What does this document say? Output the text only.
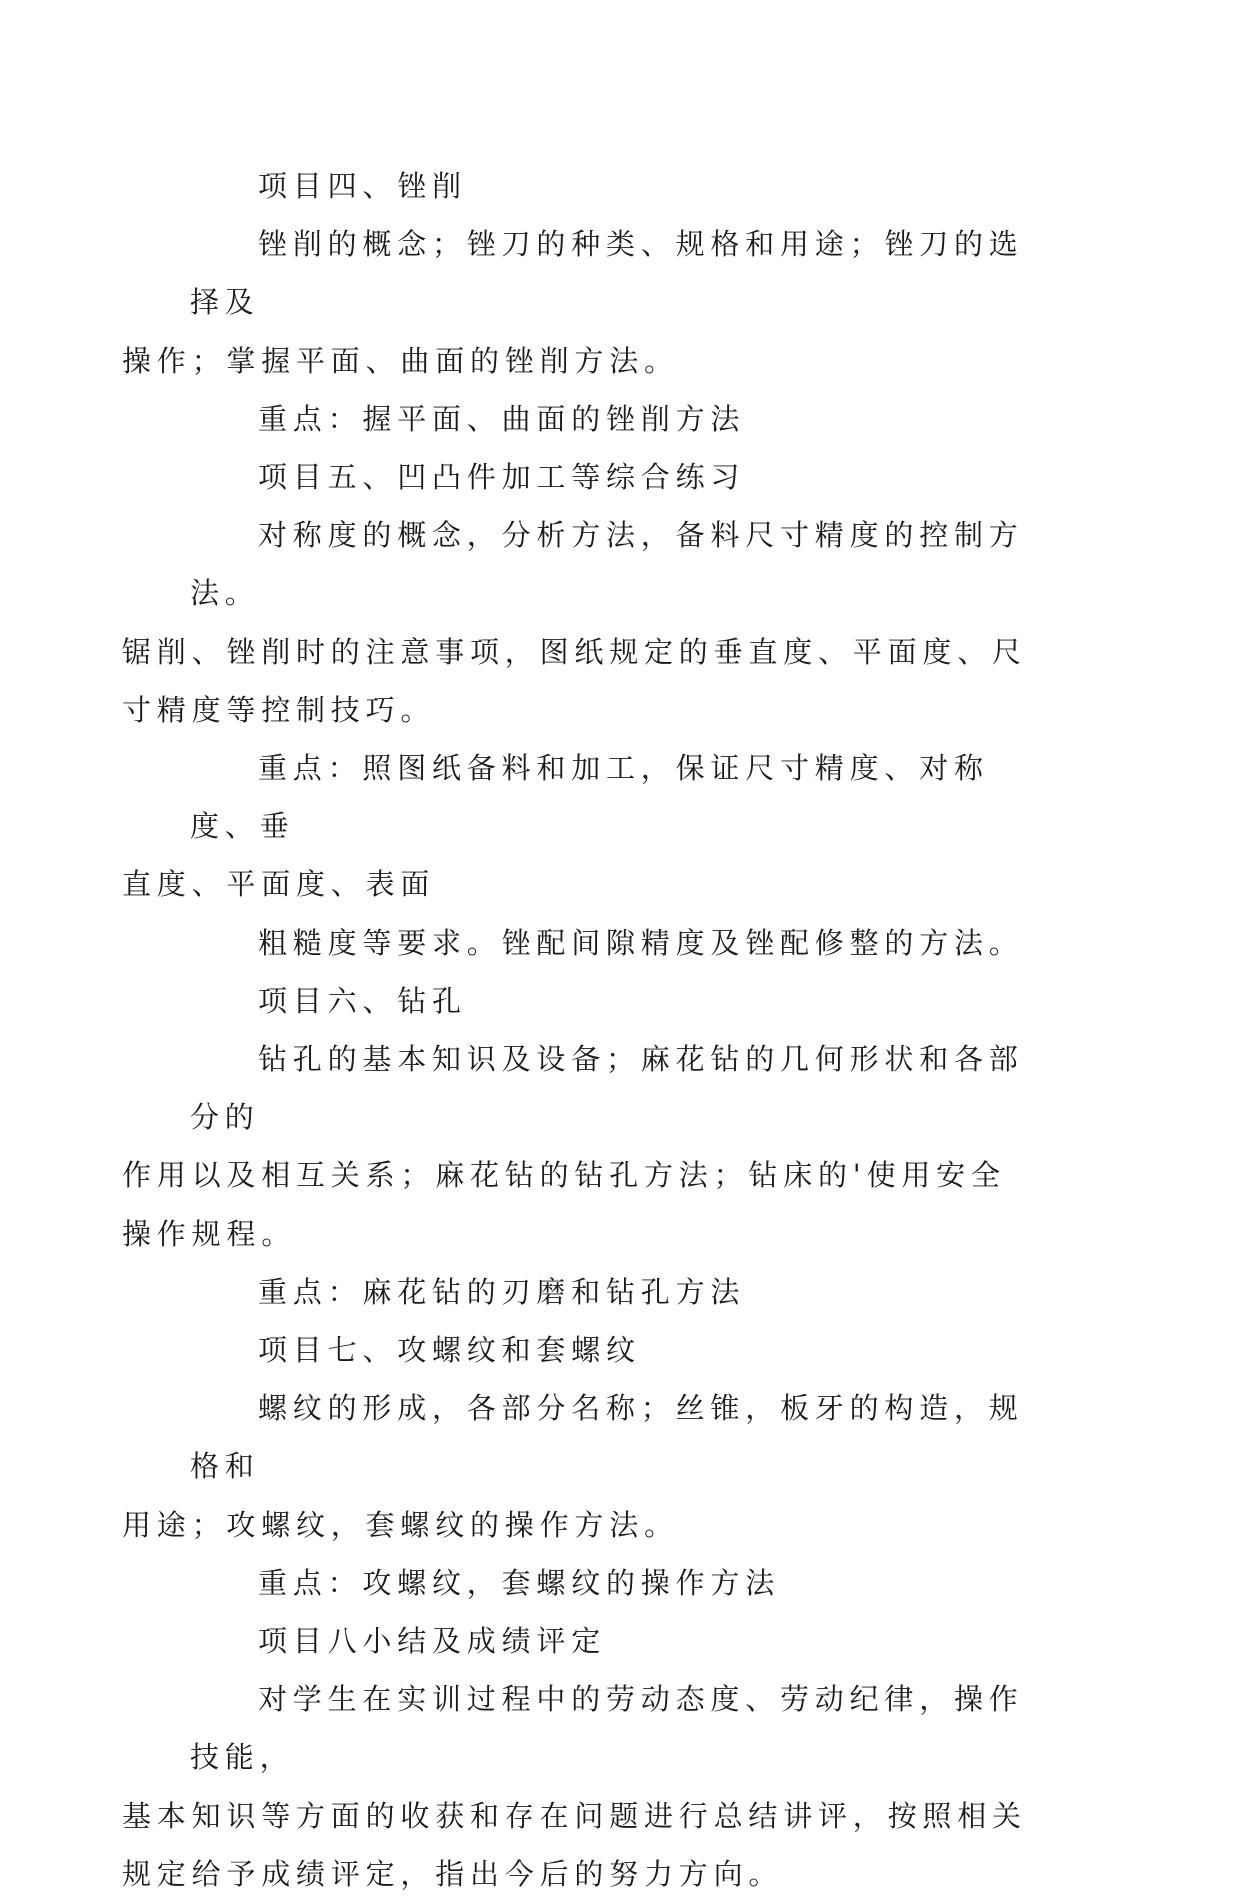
项目四、锉削

锉削的概念；锉刀的种类、规格和用途；锉刀的选择及
操作；掌握平面、曲面的锉削方法。

重点：握平面、曲面的锉削方法

项目五、凹凸件加工等综合练习

对称度的概念，分析方法，备料尺寸精度的控制方法。
锯削、锉削时的注意事项，图纸规定的垂直度、平面度、尺
寸精度等控制技巧。

重点：照图纸备料和加工，保证尺寸精度、对称度、垂
直度、平面度、表面

粗糙度等要求。锉配间隙精度及锉配修整的方法。

项目六、钻孔

钻孔的基本知识及设备；麻花钻的几何形状和各部分的
作用以及相互关系；麻花钻的钻孔方法；钻床的'使用安全
操作规程。

重点：麻花钻的刃磨和钻孔方法

项目七、攻螺纹和套螺纹

螺纹的形成，各部分名称；丝锥，板牙的构造，规格和
用途；攻螺纹，套螺纹的操作方法。

重点：攻螺纹，套螺纹的操作方法

项目八小结及成绩评定

对学生在实训过程中的劳动态度、劳动纪律，操作技能，
基本知识等方面的收获和存在问题进行总结讲评，按照相关
规定给予成绩评定，指出今后的努力方向。
